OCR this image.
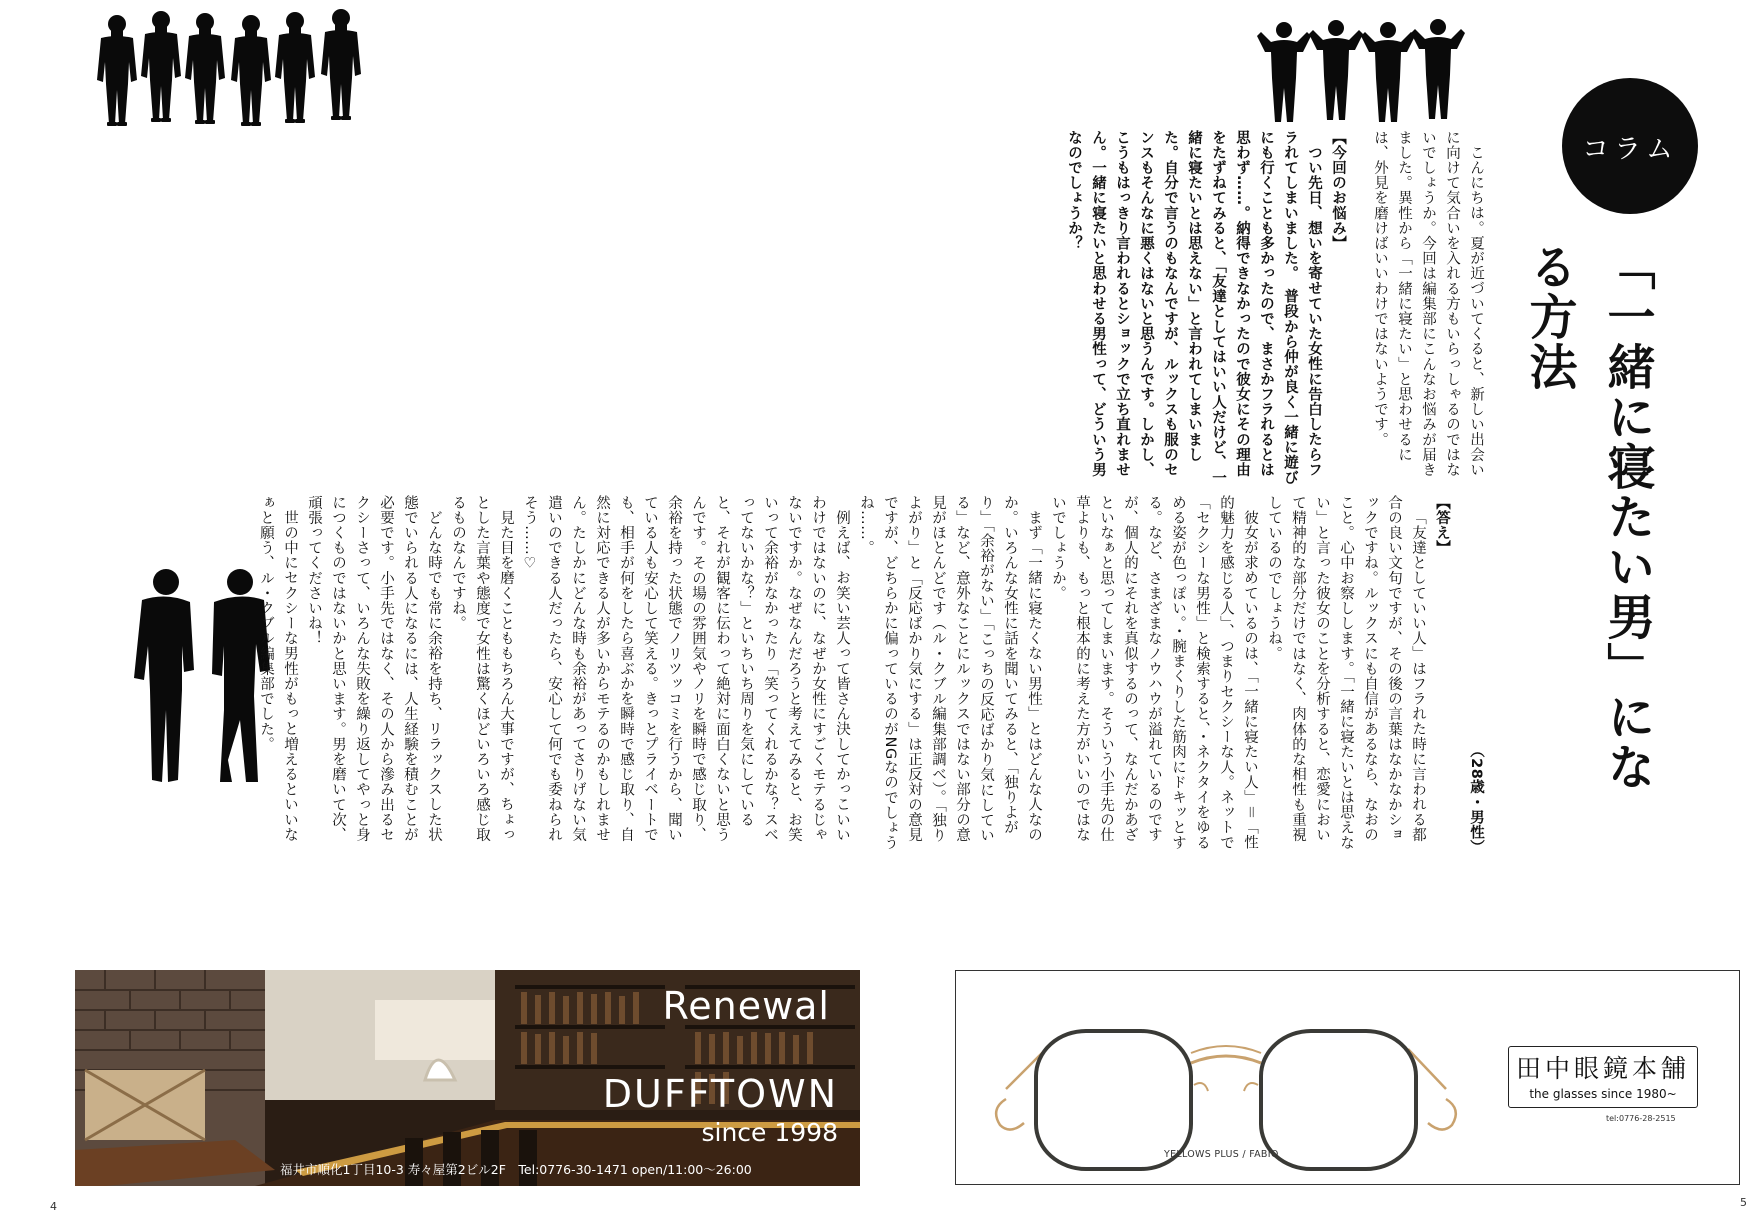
コラム
「一緒に寝たい男」になる方法

こんにちは。夏が近づいてくると、新しい出会いに向けて気合いを入れる方もいらっしゃるのではないでしょうか。今回は編集部にこんなお悩みが届きました。異性から「一緒に寝たい」と思わせるには、外見を磨けばいいわけではないようです。

【今回のお悩み】

つい先日、想いを寄せていた女性に告白したらフラれてしまいました。　普段から仲が良く一緒に遊びにも行くことも多かったので、まさかフラれるとは思わず……。納得できなかったので彼女にその理由をたずねてみると、「友達としてはいい人だけど、一緒に寝たいとは思えない」と言われてしまいました。自分で言うのもなんですが、ルックスも服のセンスもそんなに悪くはないと思うんです。しかし、こうもはっきり言われるとショックで立ち直れません。一緒に寝たいと思わせる男性って、どういう男なのでしょうか？

（28歳・男性）

【答え】

「友達としていい人」はフラれた時に言われる都合の良い文句ですが、その後の言葉はなかなかショックですね。ルックスにも自信があるなら、なおのこと。心中お察しします。「一緒に寝たいとは思えない」と言った彼女のことを分析すると、恋愛において精神的な部分だけではなく、肉体的な相性も重視しているのでしょうね。

彼女が求めているのは、「一緒に寝たい人」＝「性的魅力を感じる人」、つまりセクシーな人。ネットで「セクシーな男性」と検索すると、・ネクタイをゆるめる姿が色っぽい。・腕まくりした筋肉にドキッとする。など、さまざまなノウハウが溢れているのですが、個人的にそれを真似するのって、なんだかあざといなぁと思ってしまいます。そういう小手先の仕草よりも、もっと根本的に考えた方がいいのではないでしょうか。

まず「一緒に寝たくない男性」とはどんな人なのか。いろんな女性に話を聞いてみると、「独りよがり」「余裕がない」「こっちの反応ばかり気にしている」など、意外なことにルックスではない部分の意見がほとんどです（ル・クブル編集部調べ）。「独りよがり」と「反応ばかり気にする」は正反対の意見ですが、どちらかに偏っているのがNGなのでしょうね……。

例えば、お笑い芸人って皆さん決してかっこいいわけではないのに、なぜか女性にすごくモテるじゃないですか。なぜなんだろうと考えてみると、お笑いって余裕がなかったり「笑ってくれるかな？スベってないかな？」といちいち周りを気にしていると、それが観客に伝わって絶対に面白くないと思うんです。その場の雰囲気やノリを瞬時で感じ取り、余裕を持った状態でノリツッコミを行うから、聞いている人も安心して笑える。きっとプライベートでも、相手が何をしたら喜ぶかを瞬時で感じ取り、自然に対応できる人が多いからモテるのかもしれません。たしかにどんな時も余裕があってさりげない気遣いのできる人だったら、安心して何でも委ねられそう……♡

見た目を磨くことももちろん大事ですが、ちょっとした言葉や態度で女性は驚くほどいろいろ感じ取るものなんですね。

どんな時でも常に余裕を持ち、リラックスした状態でいられる人になるには、人生経験を積むことが必要です。小手先ではなく、その人から滲み出るセクシーさって、いろんな失敗を繰り返してやっと身につくものではないかと思います。男を磨いて次、頑張ってくださいね！

世の中にセクシーな男性がもっと増えるといいなぁと願う、ル・クブル編集部でした。

Renewal
DUFFTOWN
since 1998
福井市順化1丁目10-3 寿々屋第2ビル2F　Tel:0776-30-1471 open/11:00～26:00
YELLOWS PLUS / FABIO
田中眼鏡本舗
the glasses since 1980~
tel:0776-28-2515
4	5
